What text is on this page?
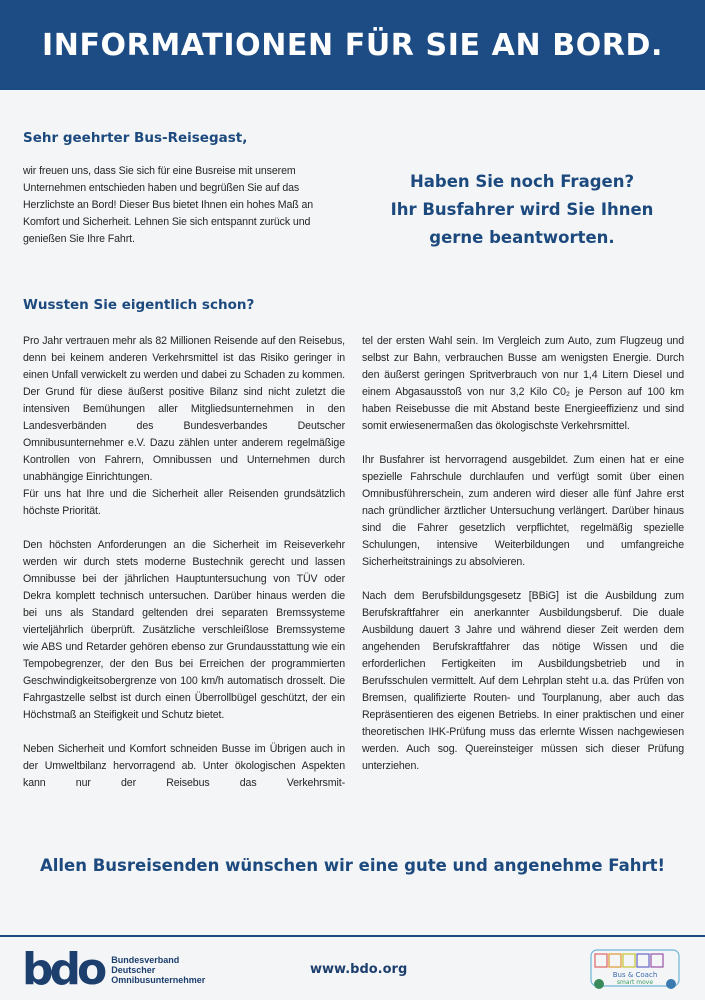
INFORMATIONEN FÜR SIE AN BORD.
Sehr geehrter Bus-Reisegast,

wir freuen uns, dass Sie sich für eine Busreise mit unserem Unternehmen entschieden haben und begrüßen Sie auf das Herzlichste an Bord! Dieser Bus bietet Ihnen ein hohes Maß an Komfort und Sicherheit. Lehnen Sie sich entspannt zurück und genießen Sie Ihre Fahrt.

Haben Sie noch Fragen?
Ihr Busfahrer wird Sie Ihnen
gerne beantworten.
Wussten Sie eigentlich schon?

Pro Jahr vertrauen mehr als 82 Millionen Reisende auf den Reisebus, denn bei keinem anderen Verkehrsmittel ist das Risiko geringer in einen Unfall verwickelt zu werden und dabei zu Schaden zu kommen. Der Grund für diese äußerst positive Bilanz sind nicht zuletzt die intensiven Bemühungen aller Mitgliedsunternehmen in den Landesverbänden des Bundesverbandes Deutscher Omnibusunternehmer e.V. Dazu zählen unter anderem regelmäßige Kontrollen von Fahrern, Omnibussen und Unternehmen durch unabhängige Einrichtungen.

Für uns hat Ihre und die Sicherheit aller Reisenden grundsätzlich höchste Priorität.

Den höchsten Anforderungen an die Sicherheit im Reiseverkehr werden wir durch stets moderne Bustechnik gerecht und lassen Omnibusse bei der jährlichen Hauptuntersuchung von TÜV oder Dekra komplett technisch untersuchen. Darüber hinaus werden die bei uns als Standard geltenden drei separaten Bremssysteme vierteljährlich überprüft. Zusätzliche verschleißlose Bremssysteme wie ABS und Retarder gehören ebenso zur Grundausstattung wie ein Tempobegrenzer, der den Bus bei Erreichen der programmierten Geschwindigkeitsobergrenze von 100 km/h automatisch drosselt. Die Fahrgastzelle selbst ist durch einen Überrollbügel geschützt, der ein Höchstmaß an Steifigkeit und Schutz bietet.

Neben Sicherheit und Komfort schneiden Busse im Übrigen auch in der Umweltbilanz hervorragend ab. Unter ökologischen Aspekten kann nur der Reisebus das Verkehrsmit-

tel der ersten Wahl sein. Im Vergleich zum Auto, zum Flugzeug und selbst zur Bahn, verbrauchen Busse am wenigsten Energie. Durch den äußerst geringen Spritverbrauch von nur 1,4 Litern Diesel und einem Abgasausstoß von nur 3,2 Kilo C0₂ je Person auf 100 km haben Reisebusse die mit Abstand beste Energieeffizienz und sind somit erwiesenermaßen das ökologischste Verkehrsmittel.

Ihr Busfahrer ist hervorragend ausgebildet. Zum einen hat er eine spezielle Fahrschule durchlaufen und verfügt somit über einen Omnibusführerschein, zum anderen wird dieser alle fünf Jahre erst nach gründlicher ärztlicher Untersuchung verlängert. Darüber hinaus sind die Fahrer gesetzlich verpflichtet, regelmäßig spezielle Schulungen, intensive Weiterbildungen und umfangreiche Sicherheitstrainings zu absolvieren.

Nach dem Berufsbildungsgesetz [BBiG] ist die Ausbildung zum Berufskraftfahrer ein anerkannter Ausbildungsberuf. Die duale Ausbildung dauert 3 Jahre und während dieser Zeit werden dem angehenden Berufskraftfahrer das nötige Wissen und die erforderlichen Fertigkeiten im Ausbildungsbetrieb und in Berufsschulen vermittelt. Auf dem Lehrplan steht u.a. das Prüfen von Bremsen, qualifizierte Routen- und Tourplanung, aber auch das Repräsentieren des eigenen Betriebs. In einer praktischen und einer theoretischen IHK-Prüfung muss das erlernte Wissen nachgewiesen werden. Auch sog. Quereinsteiger müssen sich dieser Prüfung unterziehen.

Allen Busreisenden wünschen wir eine gute und angenehme Fahrt!
bdo Bundesverband
Deutscher
Omnibusunternehmer
www.bdo.org	Bus & Coach
smart move
